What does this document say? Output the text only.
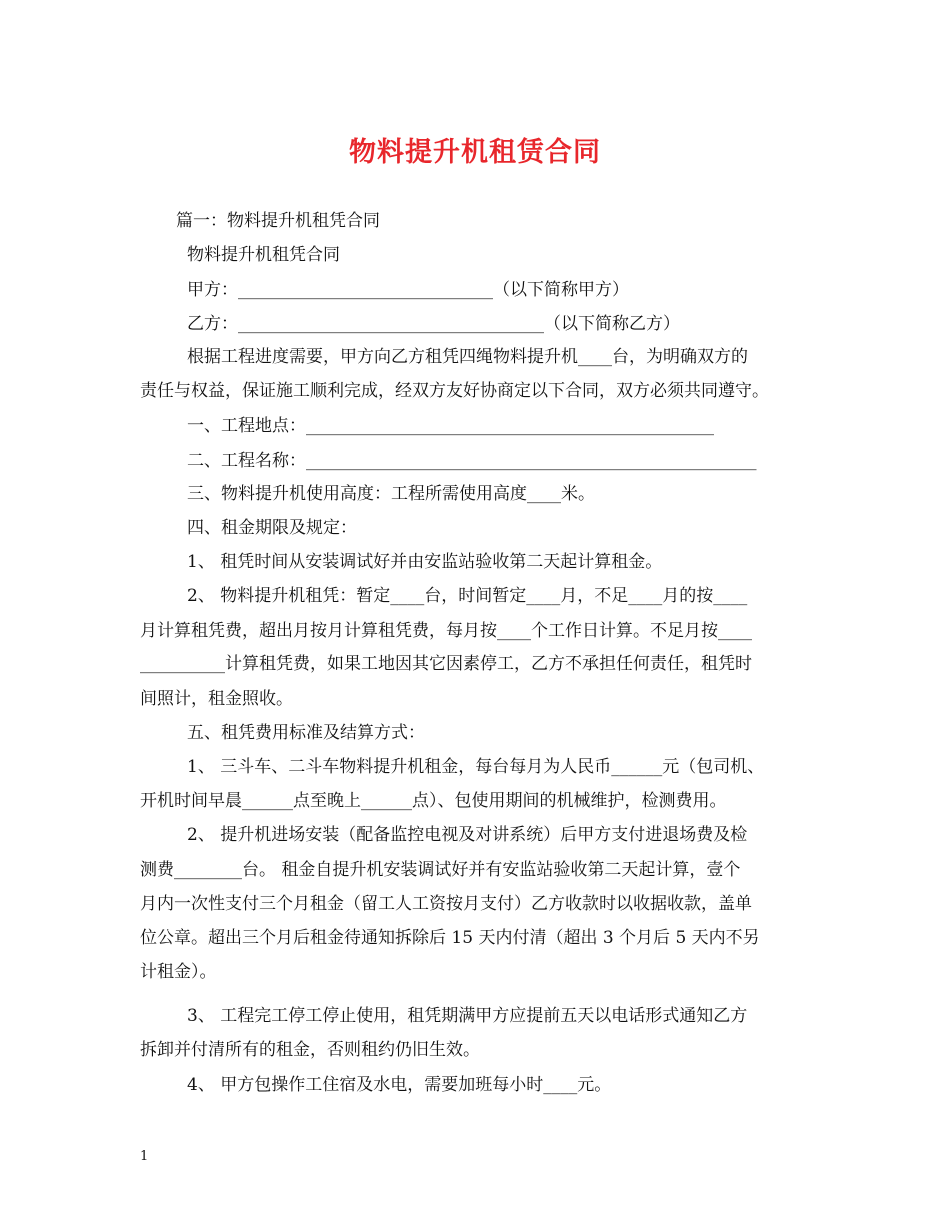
物料提升机租赁合同
篇一：物料提升机租凭合同
物料提升机租凭合同
甲方：______________________________（以下简称甲方）
乙方：____________________________________（以下简称乙方）
根据工程进度需要，甲方向乙方租凭四绳物料提升机____台，为明确双方的
责任与权益，保证施工顺利完成，经双方友好协商定以下合同，双方必须共同遵守。
一、工程地点：________________________________________________
二、工程名称：_____________________________________________________
三、物料提升机使用高度：工程所需使用高度____米。
四、租金期限及规定：
1、 租凭时间从安装调试好并由安监站验收第二天起计算租金。
2、 物料提升机租凭：暂定____台，时间暂定____月，不足____月的按____
月计算租凭费，超出月按月计算租凭费，每月按____个工作日计算。不足月按____
__________计算租凭费，如果工地因其它因素停工，乙方不承担任何责任，租凭时
间照计，租金照收。
五、租凭费用标准及结算方式：
1、 三斗车、二斗车物料提升机租金，每台每月为人民币______元（包司机、
开机时间早晨______点至晚上______点）、包使用期间的机械维护，检测费用。
2、 提升机进场安装（配备监控电视及对讲系统）后甲方支付进退场费及检
测费________台。 租金自提升机安装调试好并有安监站验收第二天起计算，壹个
月内一次性支付三个月租金（留工人工资按月支付）乙方收款时以收据收款，盖单
位公章。超出三个月后租金待通知拆除后 15 天内付清（超出 3 个月后 5 天内不另
计租金）。
3、 工程完工停工停止使用，租凭期满甲方应提前五天以电话形式通知乙方
拆卸并付清所有的租金，否则租约仍旧生效。
4、 甲方包操作工住宿及水电，需要加班每小时____元。
1
